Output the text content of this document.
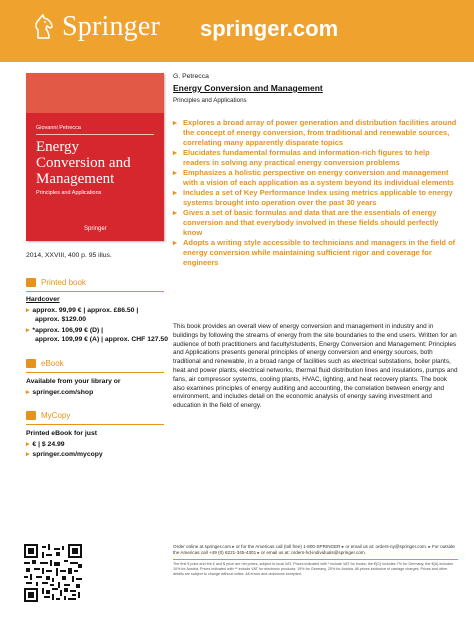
Springer springer.com
Giovanni Petrecca
Energy
Conversion and
Management
Principles and Applications
Springer
2014, XXVIII, 400 p. 95 illus.
Printed book
Hardcover
▸ approx. 99,99 € | approx. £86.50 |
approx. $129.00
▸ *approx. 106,99 € (D) |
approx. 109,99 € (A) | approx. CHF 127.50
eBook
Available from your library or
▸ springer.com/shop
MyCopy
Printed eBook for just
▸ € | $ 24.99
▸ springer.com/mycopy
G. Petrecca
Energy Conversion and Management
Principles and Applications
▸ Explores a broad array of power generation and distribution facilities around the concept of energy conversion, from traditional and renewable sources, correlating many apparently disparate topics
▸ Elucidates fundamental formulas and information-rich figures to help readers in solving any practical energy conversion problems
▸ Emphasizes a holistic perspective on energy conversion and management with a vision of each application as a system beyond its individual elements
▸ Includes a set of Key Performance Index using metrics applicable to energy systems brought into operation over the past 30 years
▸ Gives a set of basic formulas and data that are the essentials of energy conversion and that everybody involved in these fields should perfectly know
▸ Adopts a writing style accessible to technicians and managers in the field of energy conversion while maintaining sufficient rigor and coverage for engineers
This book provides an overall view of energy conversion and management in industry and in buildings by following the streams of energy from the site boundaries to the end users. Written for an audience of both practitioners and faculty/students, Energy Conversion and Management: Principles and Applications presents general principles of energy conversion and energy sources, both traditional and renewable, in a broad range of facilities such as electrical substations, boiler plants, heat and power plants, electrical networks, thermal fluid distribution lines and insulations, pumps and fans, air compressor systems, cooling plants, HVAC, lighting, and heat recovery plants. The book also examines principles of energy auditing and accounting, the correlation between energy and environment, and includes detail on the economic analysis of energy saving investment and education in the field of energy.
Order online at springer.com ▸ or for the Americas call (toll free) 1-800-SPRINGER ▸ or email us at: orders-ny@springer.com. ▸ For outside the Americas call +49 (0) 6221-345-4301 ▸ or email us at: orders-hd-individuals@springer.com.
The first € price and the £ and $ price are net prices, subject to local VAT. Prices indicated with * include VAT for books; the €(D) includes 7% for Germany, the €(A) includes 10% for Austria. Prices indicated with ** include VAT for electronic products; 19% for Germany, 20% for Austria. All prices exclusive of carriage charges. Prices and other details are subject to change without notice. All errors and omissions excepted.
